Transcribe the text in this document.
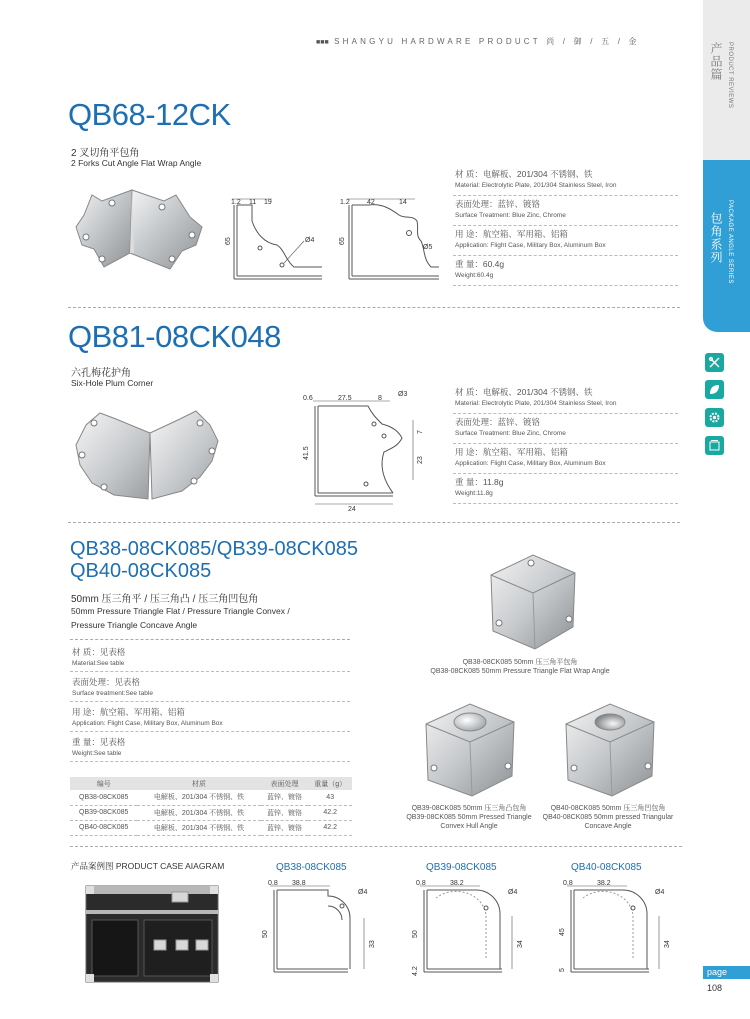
■■■ SHANGYU HARDWARE PRODUCT 尚 / 御 / 五 / 金
产品篇 PRODUCT REVIEWS
包角系列 PACKAGE ANGLE SERIES
QB68-12CK
2 叉切角平包角
2 Forks Cut Angle Flat Wrap Angle
1.2 11 19
65	Ø4
1.2 42	14
65
Ø5
材 质：电解板、201/304 不锈钢、铁
Material: Electrolytic Plate, 201/304 Stainless Steel, Iron
表面处理：蓝锌、镀铬
Surface Treatment: Blue Zinc, Chrome
用 途：航空箱、军用箱、铝箱
Application: Flight Case, Military Box, Aluminum Box
重 量：60.4g
Weight:60.4g
QB81-08CK048
六孔梅花护角
Six-Hole Plum Corner
0.6	27.5	8
Ø3
41.5
7
23
24
材 质：电解板、201/304 不锈钢、铁
Material: Electrolytic Plate, 201/304 Stainless Steel, Iron
表面处理：蓝锌、镀铬
Surface Treatment: Blue Zinc, Chrome
用 途：航空箱、军用箱、铝箱
Application: Flight Case, Military Box, Aluminum Box
重 量：11.8g
Weight:11.8g
QB38-08CK085/QB39-08CK085
QB40-08CK085
50mm 压三角平 / 压三角凸 / 压三角凹包角
50mm Pressure Triangle Flat / Pressure Triangle Convex /
Pressure Triangle Concave Angle
材 质：见表格
Material:See table
表面处理：见表格
Surface treatment:See table
用 途：航空箱、军用箱、铝箱
Application: Flight Case, Military Box, Aluminum Box
重 量：见表格
Weight:See table
编号	材质	表面处理	重量（g）
QB38-08CK085	电解板、201/304 不锈钢、铁	蓝锌、镀铬	43
QB39-08CK085	电解板、201/304 不锈钢、铁	蓝锌、镀铬	42.2
QB40-08CK085	电解板、201/304 不锈钢、铁	蓝锌、镀铬	42.2
QB38-08CK085 50mm 压三角平包角
QB38-08CK085 50mm Pressure Triangle Flat Wrap Angle
QB39-08CK085 50mm 压三角凸包角
QB39-08CK085 50mm Pressed Triangle
Convex Hull Angle
QB40-08CK085 50mm 压三角凹包角
QB40-08CK085 50mm pressed Triangular
Concave Angle
产品案例图 PRODUCT CASE AIAGRAM	QB38-08CK085	QB39-08CK085	QB40-08CK085
0.8 38.8
Ø4
50
33
0.8	38.2
Ø4
50
34
4.2
0.8	38.2
Ø4
45
34
5	page
108
